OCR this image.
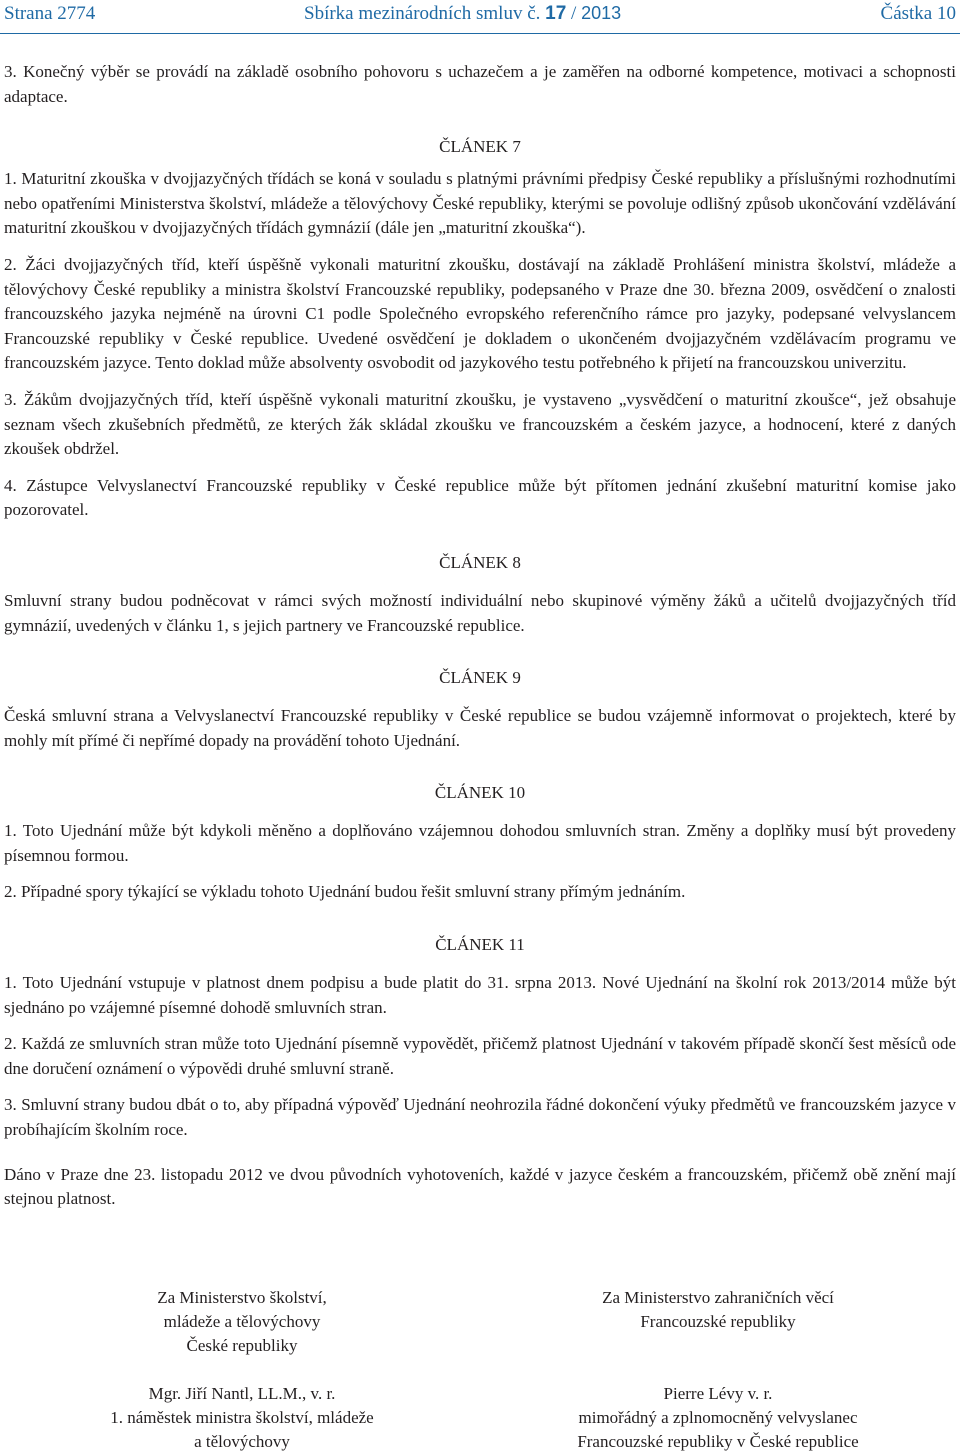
Strana 2774	Sbírka mezinárodních smluv č. 17 / 2013	Částka 10

3. Konečný výběr se provádí na základě osobního pohovoru s uchazečem a je zaměřen na odborné kompetence, motivaci a schopnosti adaptace.

ČLÁNEK 7

1. Maturitní zkouška v dvojjazyčných třídách se koná v souladu s platnými právními předpisy České republiky a příslušnými rozhodnutími nebo opatřeními Ministerstva školství, mládeže a tělovýchovy České republiky, kterými se povoluje odlišný způsob ukončování vzdělávání maturitní zkouškou v dvojjazyčných třídách gymnázií (dále jen „maturitní zkouška“).

2. Žáci dvojjazyčných tříd, kteří úspěšně vykonali maturitní zkoušku, dostávají na základě Prohlášení ministra školství, mládeže a tělovýchovy České republiky a ministra školství Francouzské republiky, podepsaného v Praze dne 30. března 2009, osvědčení o znalosti francouzského jazyka nejméně na úrovni C1 podle Společného evropského referenčního rámce pro jazyky, podepsané velvyslancem Francouzské republiky v České republice. Uvedené osvědčení je dokladem o ukončeném dvojjazyčném vzdělávacím programu ve francouzském jazyce. Tento doklad může absolventy osvobodit od jazykového testu potřebného k přijetí na francouzskou univerzitu.

3. Žákům dvojjazyčných tříd, kteří úspěšně vykonali maturitní zkoušku, je vystaveno „vysvědčení o maturitní zkoušce“, jež obsahuje seznam všech zkušebních předmětů, ze kterých žák skládal zkoušku ve francouzském a českém jazyce, a hodnocení, které z daných zkoušek obdržel.

4. Zástupce Velvyslanectví Francouzské republiky v České republice může být přítomen jednání zkušební maturitní komise jako pozorovatel.

ČLÁNEK 8

Smluvní strany budou podněcovat v rámci svých možností individuální nebo skupinové výměny žáků a učitelů dvojjazyčných tříd gymnázií, uvedených v článku 1, s jejich partnery ve Francouzské republice.

ČLÁNEK 9

Česká smluvní strana a Velvyslanectví Francouzské republiky v České republice se budou vzájemně informovat o projektech, které by mohly mít přímé či nepřímé dopady na provádění tohoto Ujednání.

ČLÁNEK 10

1. Toto Ujednání může být kdykoli měněno a doplňováno vzájemnou dohodou smluvních stran. Změny a doplňky musí být provedeny písemnou formou.

2. Případné spory týkající se výkladu tohoto Ujednání budou řešit smluvní strany přímým jednáním.

ČLÁNEK 11

1. Toto Ujednání vstupuje v platnost dnem podpisu a bude platit do 31. srpna 2013. Nové Ujednání na školní rok 2013/2014 může být sjednáno po vzájemné písemné dohodě smluvních stran.

2. Každá ze smluvních stran může toto Ujednání písemně vypovědět, přičemž platnost Ujednání v takovém případě skončí šest měsíců ode dne doručení oznámení o výpovědi druhé smluvní straně.

3. Smluvní strany budou dbát o to, aby případná výpověď Ujednání neohrozila řádné dokončení výuky předmětů ve francouzském jazyce v probíhajícím školním roce.

Dáno v Praze dne 23. listopadu 2012 ve dvou původních vyhotoveních, každé v jazyce českém a francouzském, přičemž obě znění mají stejnou platnost.

Za Ministerstvo školství,
mládeže a tělovýchovy
České republiky
Mgr. Jiří Nantl, LL.M., v. r.
1. náměstek ministra školství, mládeže
a tělovýchovy
Za Ministerstvo zahraničních věcí
Francouzské republiky
Pierre Lévy v. r.
mimořádný a zplnomocněný velvyslanec
Francouzské republiky v České republice
